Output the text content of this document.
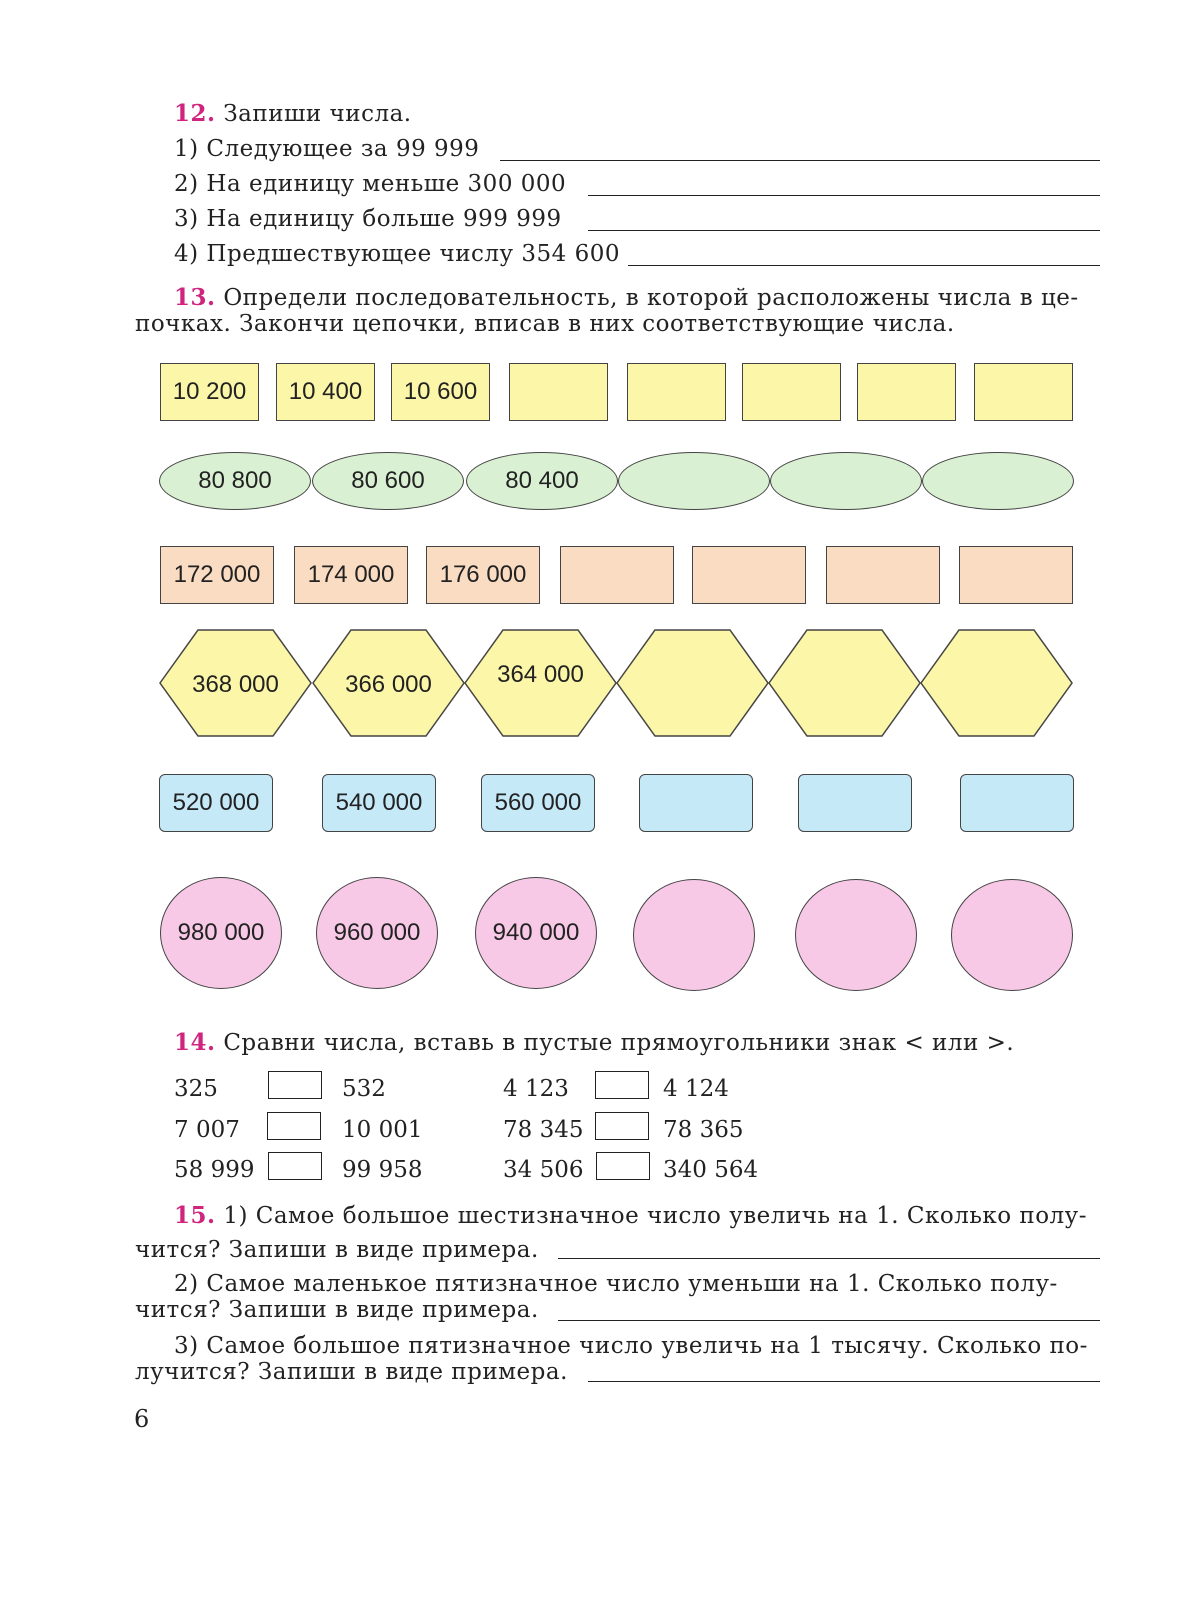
12. Запиши числа.
1) Следующее за 99 999
2) На единицу меньше 300 000
3) На единицу больше 999 999
4) Предшествующее числу 354 600
13. Определи последовательность, в которой расположены числа в це-
почках. Закончи цепочки, вписав в них соответствующие числа.
10 200	10 400	10 600
80 800	80 600	80 400
172 000	174 000	176 000
368 000	366 000	364 000
520 000	540 000	560 000
980 000	960 000	940 000
14. Сравни числа, вставь в пустые прямоугольники знак < или >.
325	532	4 123	4 124
7 007	10 001	78 345	78 365
58 999	99 958	34 506	340 564
15. 1) Самое большое шестизначное число увеличь на 1. Сколько полу-
чится? Запиши в виде примера.
2) Самое маленькое пятизначное число уменьши на 1. Сколько полу-
чится? Запиши в виде примера.
3) Самое большое пятизначное число увеличь на 1 тысячу. Сколько по-
лучится? Запиши в виде примера.
6
